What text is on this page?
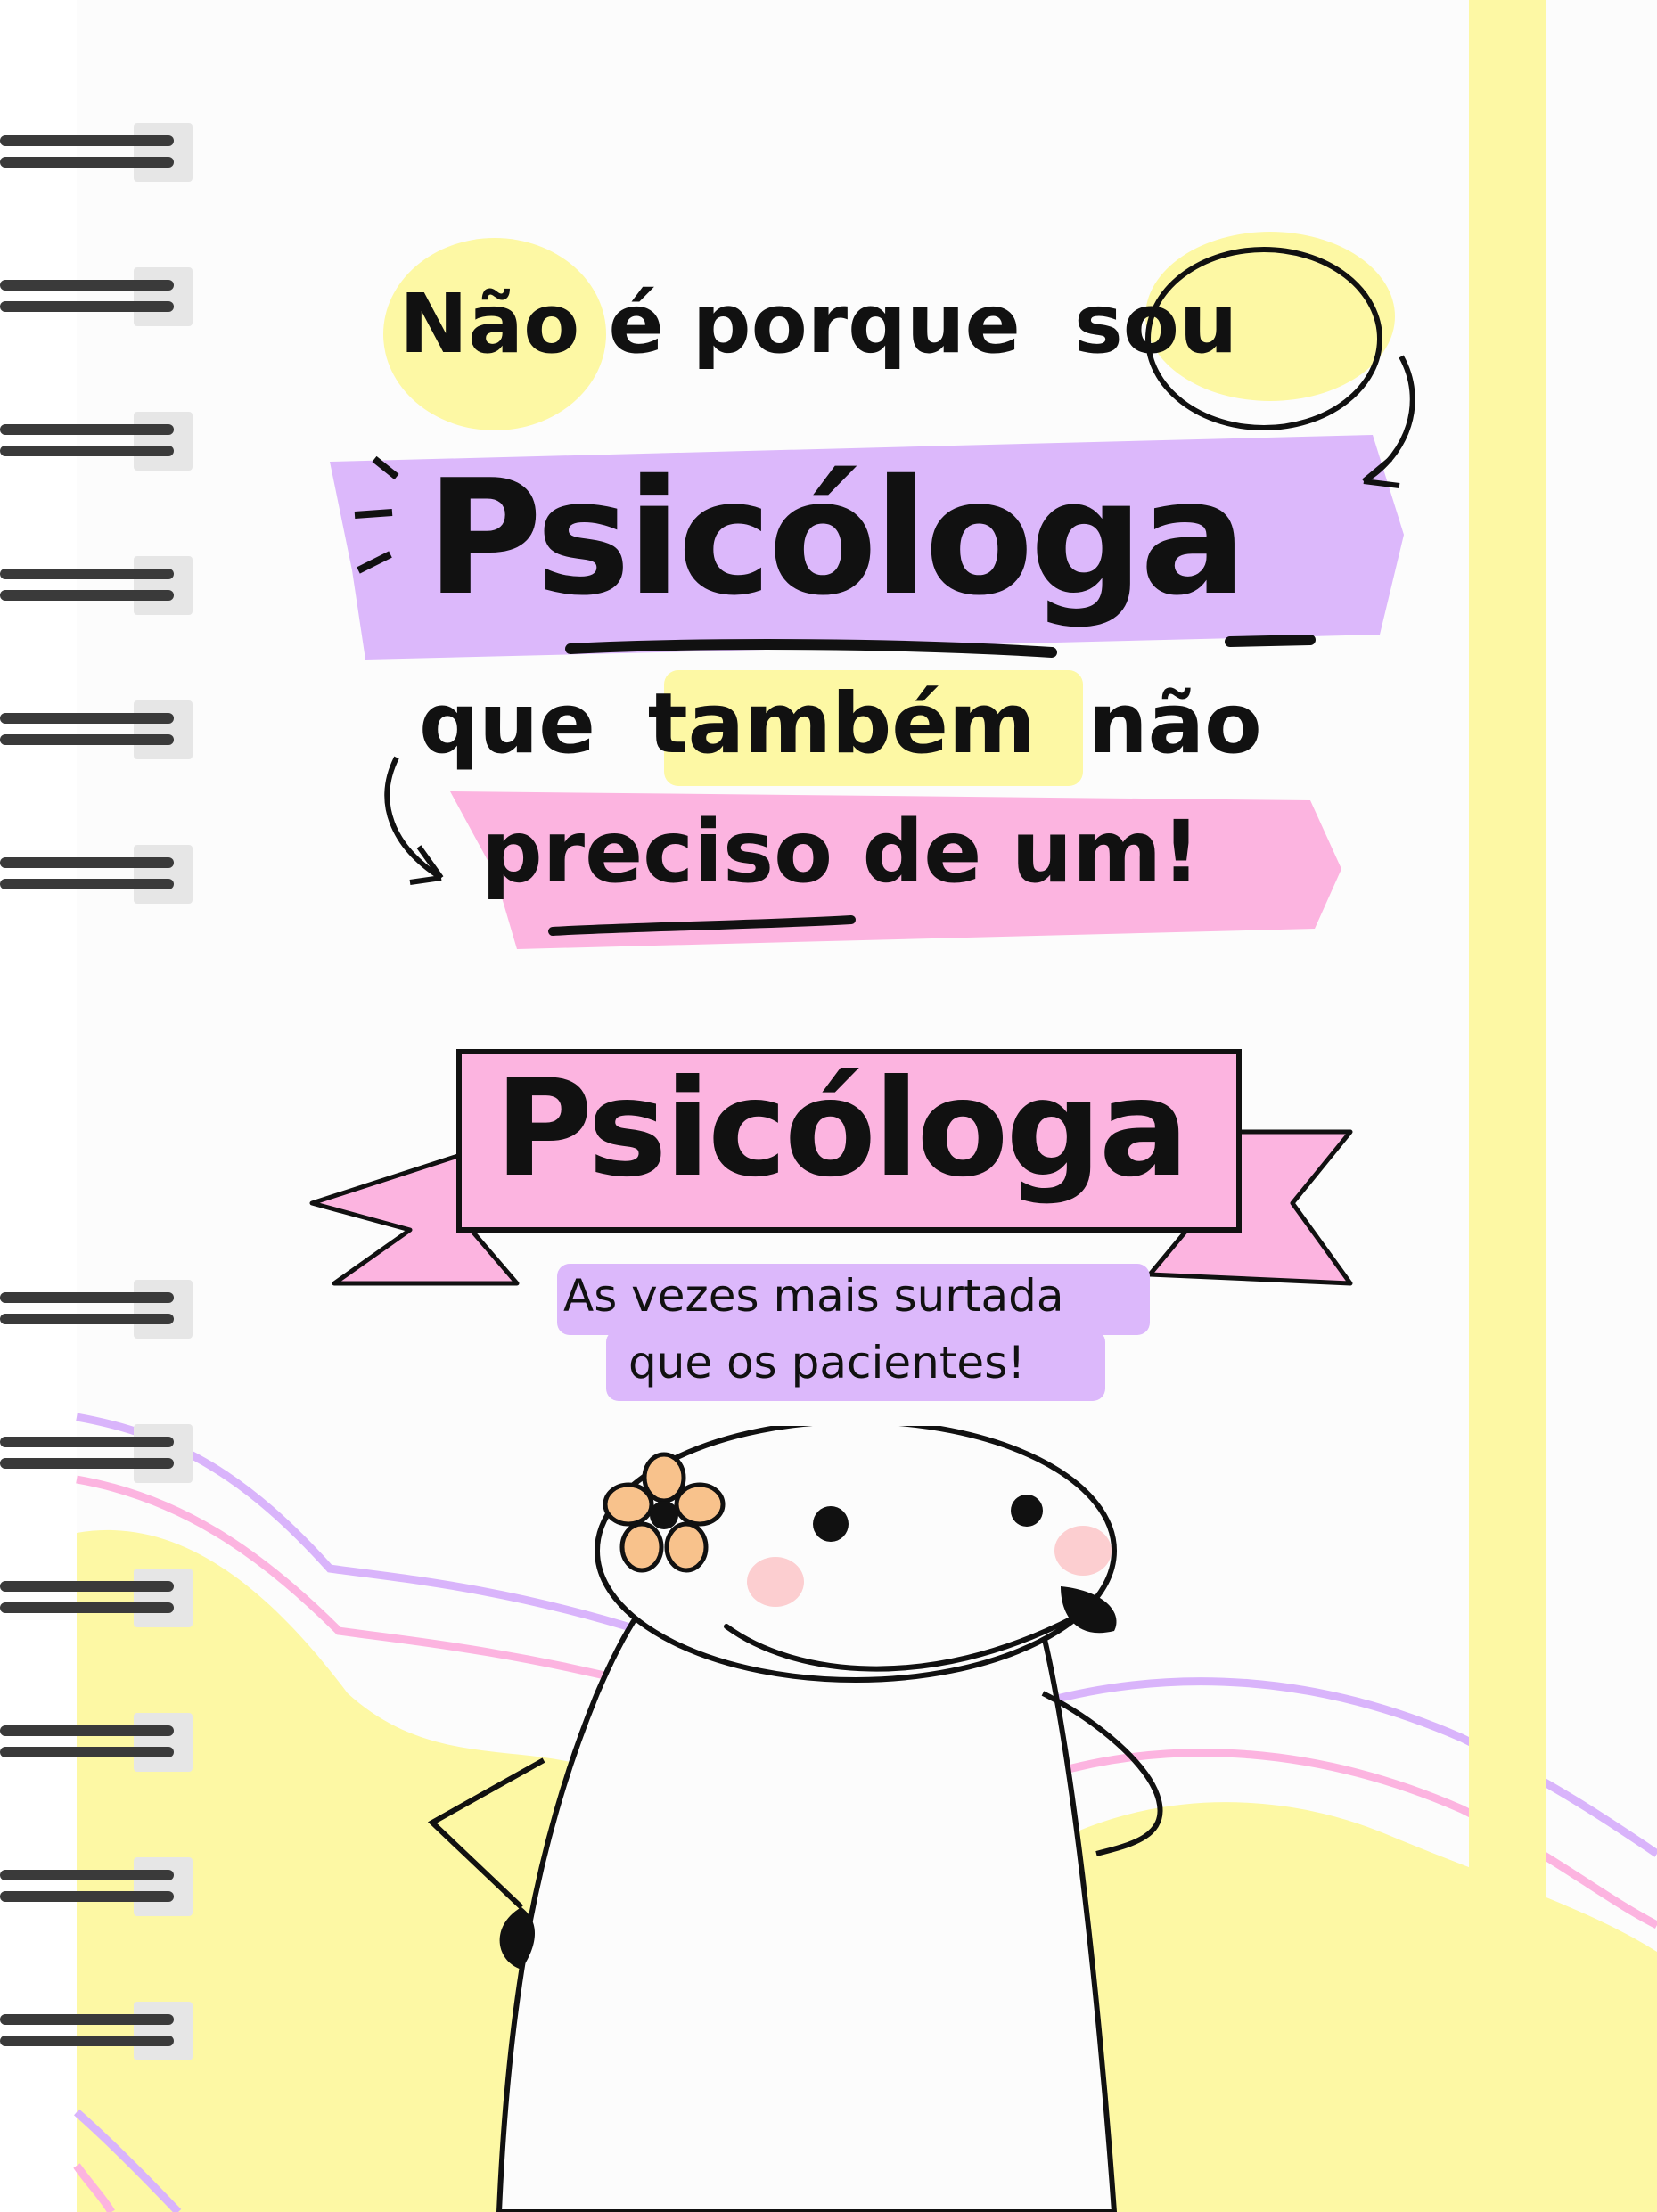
Não é porque sou
Psicóloga
que também não
preciso de um!
Psicóloga
As vezes mais surtada
que os pacientes!
